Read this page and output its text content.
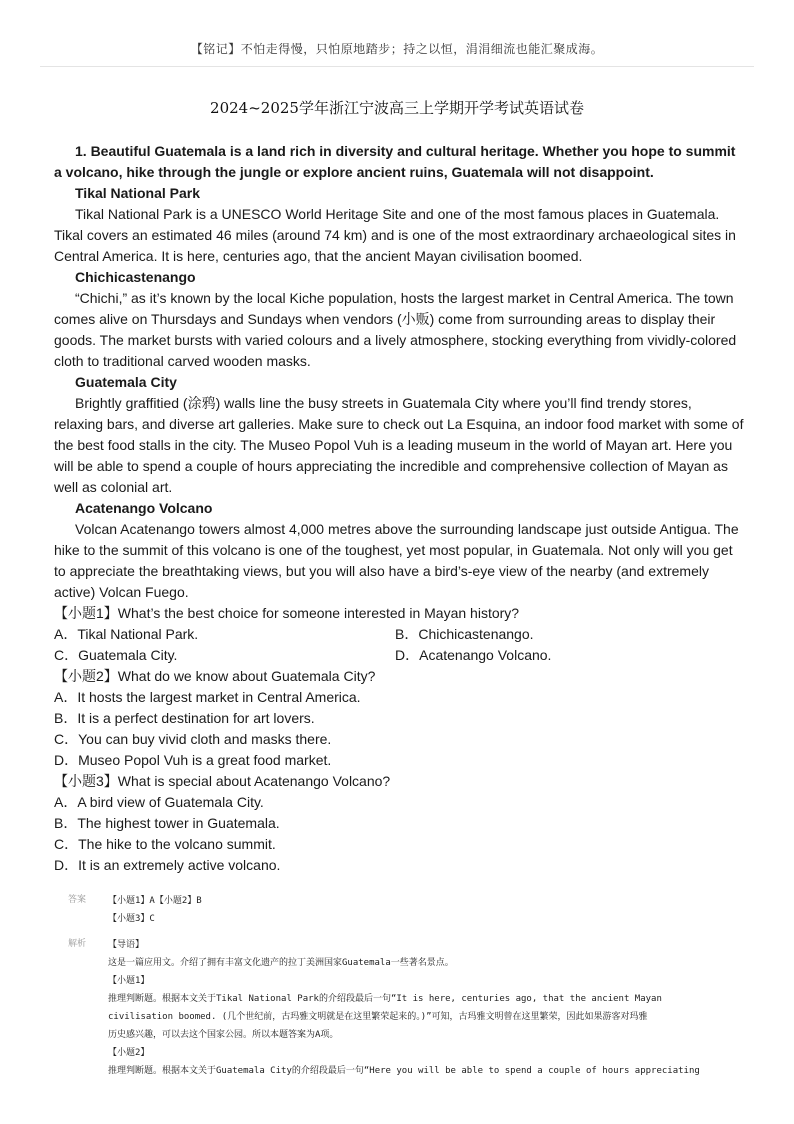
【铭记】不怕走得慢，只怕原地踏步；持之以恒，涓涓细流也能汇聚成海。
2024~2025学年浙江宁波高三上学期开学考试英语试卷

1. Beautiful Guatemala is a land rich in diversity and cultural heritage. Whether you hope to summit a volcano, hike through the jungle or explore ancient ruins, Guatemala will not disappoint.

Tikal National Park

Tikal National Park is a UNESCO World Heritage Site and one of the most famous places in Guatemala. Tikal covers an estimated 46 miles (around 74 km) and is one of the most extraordinary archaeological sites in Central America. It is here, centuries ago, that the ancient Mayan civilisation boomed.

Chichicastenango

“Chichi,” as it’s known by the local Kiche population, hosts the largest market in Central America. The town comes alive on Thursdays and Sundays when vendors (小贩) come from surrounding areas to display their goods. The market bursts with varied colours and a lively atmosphere, stocking everything from vividly-colored cloth to traditional carved wooden masks.

Guatemala City

Brightly graffitied (涂鸦) walls line the busy streets in Guatemala City where you’ll find trendy stores, relaxing bars, and diverse art galleries. Make sure to check out La Esquina, an indoor food market with some of the best food stalls in the city. The Museo Popol Vuh is a leading museum in the world of Mayan art. Here you will be able to spend a couple of hours appreciating the incredible and comprehensive collection of Mayan as well as colonial art.

Acatenango Volcano

Volcan Acatenango towers almost 4,000 metres above the surrounding landscape just outside Antigua. The hike to the summit of this volcano is one of the toughest, yet most popular, in Guatemala. Not only will you get to appreciate the breathtaking views, but you will also have a bird’s-eye view of the nearby (and extremely active) Volcan Fuego.

【小题1】What’s the best choice for someone interested in Mayan history?

A．Tikal National Park.	B．Chichicastenango.
C．Guatemala City.	D．Acatenango Volcano.

【小题2】What do we know about Guatemala City?

A．It hosts the largest market in Central America.

B．It is a perfect destination for art lovers.

C．You can buy vivid cloth and masks there.

D．Museo Popol Vuh is a great food market.

【小题3】What is special about Acatenango Volcano?

A．A bird view of Guatemala City.

B．The highest tower in Guatemala.

C．The hike to the volcano summit.

D．It is an extremely active volcano.

答案	【小题1】A【小题2】B
【小题3】C
解析	【导语】
这是一篇应用文。介绍了拥有丰富文化遗产的拉丁美洲国家Guatemala一些著名景点。
【小题1】
推理判断题。根据本文关于Tikal National Park的介绍段最后一句“It is here, centuries ago, that the ancient Mayan
civilisation boomed. (几个世纪前，古玛雅文明就是在这里繁荣起来的。)”可知，古玛雅文明曾在这里繁荣，因此如果游客对玛雅
历史感兴趣，可以去这个国家公园。所以本题答案为A项。
【小题2】
推理判断题。根据本文关于Guatemala City的介绍段最后一句“Here you will be able to spend a couple of hours appreciating
